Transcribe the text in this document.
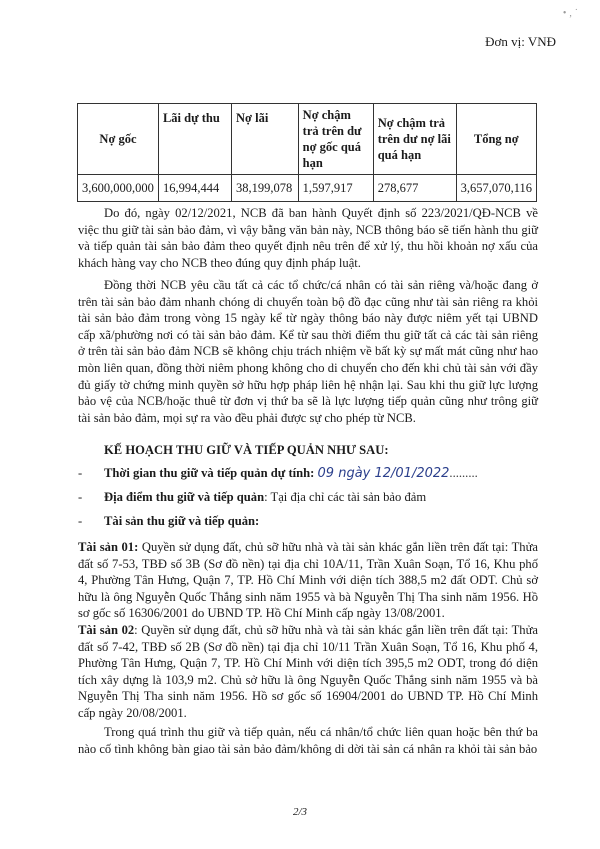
• ‚ ˙
Đơn vị: VNĐ
Nợ gốc	Lãi dự thu	Nợ lãi	Nợ chậm trả trên dư nợ gốc quá hạn	Nợ chậm trả trên dư nợ lãi quá hạn	Tổng nợ
3,600,000,000	16,994,444	38,199,078	1,597,917	278,677	3,657,070,116

Do đó, ngày 02/12/2021, NCB đã ban hành Quyết định số 223/2021/QĐ-NCB về việc thu giữ tài sản bảo đảm, vì vậy bằng văn bản này, NCB thông báo sẽ tiến hành thu giữ và tiếp quản tài sản bảo đảm theo quyết định nêu trên để xử lý, thu hồi khoản nợ xấu của khách hàng vay cho NCB theo đúng quy định pháp luật.

Đồng thời NCB yêu cầu tất cả các tổ chức/cá nhân có tài sản riêng và/hoặc đang ở trên tài sản bảo đảm nhanh chóng di chuyển toàn bộ đồ đạc cũng như tài sản riêng ra khỏi tài sản bảo đảm trong vòng 15 ngày kể từ ngày thông báo này được niêm yết tại UBND cấp xã/phường nơi có tài sản bảo đảm. Kể từ sau thời điểm thu giữ tất cả các tài sản riêng ở trên tài sản bảo đảm NCB sẽ không chịu trách nhiệm về bất kỳ sự mất mát cũng như hao mòn liên quan, đồng thời niêm phong không cho di chuyển cho đến khi chủ tài sản với đầy đủ giấy tờ chứng minh quyền sở hữu hợp pháp liên hệ nhận lại. Sau khi thu giữ lực lượng bảo vệ của NCB/hoặc thuê từ đơn vị thứ ba sẽ là lực lượng tiếp quản cũng như trông giữ tài sản bảo đảm, mọi sự ra vào đều phải được sự cho phép từ NCB.

KẾ HOẠCH THU GIỮ VÀ TIẾP QUẢN NHƯ SAU:
- Thời gian thu giữ và tiếp quản dự tính: 09 ngày 12/01/2022.........
- Địa điểm thu giữ và tiếp quản: Tại địa chỉ các tài sản bảo đảm
- Tài sản thu giữ và tiếp quản:

Tài sản 01: Quyền sử dụng đất, chủ sỡ hữu nhà và tài sản khác gắn liền trên đất tại: Thửa đất số 7-53, TBĐ số 3B (Sơ đồ nền) tại địa chỉ 10A/11, Trần Xuân Soạn, Tổ 16, Khu phố 4, Phường Tân Hưng, Quận 7, TP. Hồ Chí Minh với diện tích 388,5 m2 đất ODT. Chủ sở hữu là ông Nguyễn Quốc Thắng sinh năm 1955 và bà Nguyễn Thị Tha sinh năm 1956. Hồ sơ gốc số 16306/2001 do UBND TP. Hồ Chí Minh cấp ngày 13/08/2001.

Tài sản 02: Quyền sử dụng đất, chủ sỡ hữu nhà và tài sản khác gắn liền trên đất tại: Thửa đất số 7-42, TBĐ số 2B (Sơ đồ nền) tại địa chỉ 10/11 Trần Xuân Soạn, Tổ 16, Khu phố 4, Phường Tân Hưng, Quận 7, TP. Hồ Chí Minh với diện tích 395,5 m2 ODT, trong đó diện tích xây dựng là 103,9 m2. Chủ sở hữu là ông Nguyễn Quốc Thắng sinh năm 1955 và bà Nguyễn Thị Tha sinh năm 1956. Hồ sơ gốc số 16904/2001 do UBND TP. Hồ Chí Minh cấp ngày 20/08/2001.

Trong quá trình thu giữ và tiếp quản, nếu cá nhân/tổ chức liên quan hoặc bên thứ ba nào cố tình không bàn giao tài sản bảo đảm/không di dời tài sản cá nhân ra khỏi tài sản bảo

2/3
